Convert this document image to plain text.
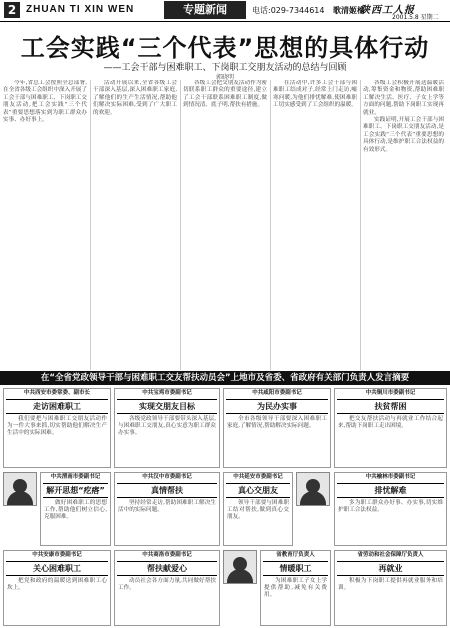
2 ZHUAN TI XIN WEN	专题新闻	电话:029-7344614 歌清姬梅
陕西工人报
2001.5.8 星期二
工会实践“三个代表”思想的具体行动
——工会干部与困难职工、下岗职工交朋友活动的总结与回顾
郭晓明

今年,省总工会按照全总部署,在全省各级工会组织中深入开展了工会干部与困难职工、下岗职工交朋友活动,把工会实践“三个代表”重要思想落实到为职工群众办实事、办好事上。

活动开展以来,全省各级工会干部深入基层,深入困难职工家庭,了解他们的生产生活情况,帮助他们解决实际困难,受到了广大职工的欢迎。

各级工会把交朋友活动作为密切联系职工群众的重要途径,建立了工会干部联系困难职工制度,做到情况清、底子明,帮扶有措施。

在活动中,许多工会干部与困难职工结成对子,经常上门走访,嘘寒问暖,为他们排忧解难,使困难职工切实感受到了工会组织的温暖。

各级工会积极开展送温暖活动,筹集资金和物资,帮助困难职工解决生活、医疗、子女上学等方面的问题,帮助下岗职工实现再就业。

实践证明,开展工会干部与困难职工、下岗职工交朋友活动,是工会实践“三个代表”重要思想的具体行动,是维护职工合法权益的有效形式。

在“全省党政领导干部与困难职工交友帮扶动员会”上地市及省委、省政府有关部门负责人发言摘要
中共西安市委常委、副市长
走访困难职工
我们要把与困难职工交朋友活动作为一件大事来抓,切实帮助他们解决生产生活中的实际困难。
中共宝鸡市委副书记
实现交朋友目标
各级党政领导干部要带头深入基层,与困难职工交朋友,真心实意为职工群众办实事。
中共咸阳市委副书记
为民办实事
全市各级领导干部要深入困难职工家庭,了解情况,帮助解决实际问题。
中共铜川市委副书记
扶贫帮困
把交友帮扶活动与再就业工作结合起来,帮助下岗职工走出困境。
中共渭南市委副书记
解开思想“疙瘩”
做好困难职工的思想工作,帮助他们树立信心,克服困难。
中共汉中市委副书记
真情帮扶
坚持经常走访,帮助困难职工解决生活中的实际问题。
中共延安市委副书记
真心交朋友
领导干部要与困难职工结对帮扶,做到真心交朋友。
中共榆林市委副书记
排忧解难
多为职工群众办好事、办实事,切实维护职工合法权益。
中共安康市委副书记
关心困难职工
把党和政府的温暖送到困难职工心坎上。
中共商洛市委副书记
帮扶献爱心
动员社会各方面力量,共同做好帮扶工作。
省教育厅负责人
情暖职工
为困难职工子女上学提供帮助,减免有关费用。
省劳动和社会保障厅负责人
再就业
积极为下岗职工提供再就业服务和培训。
